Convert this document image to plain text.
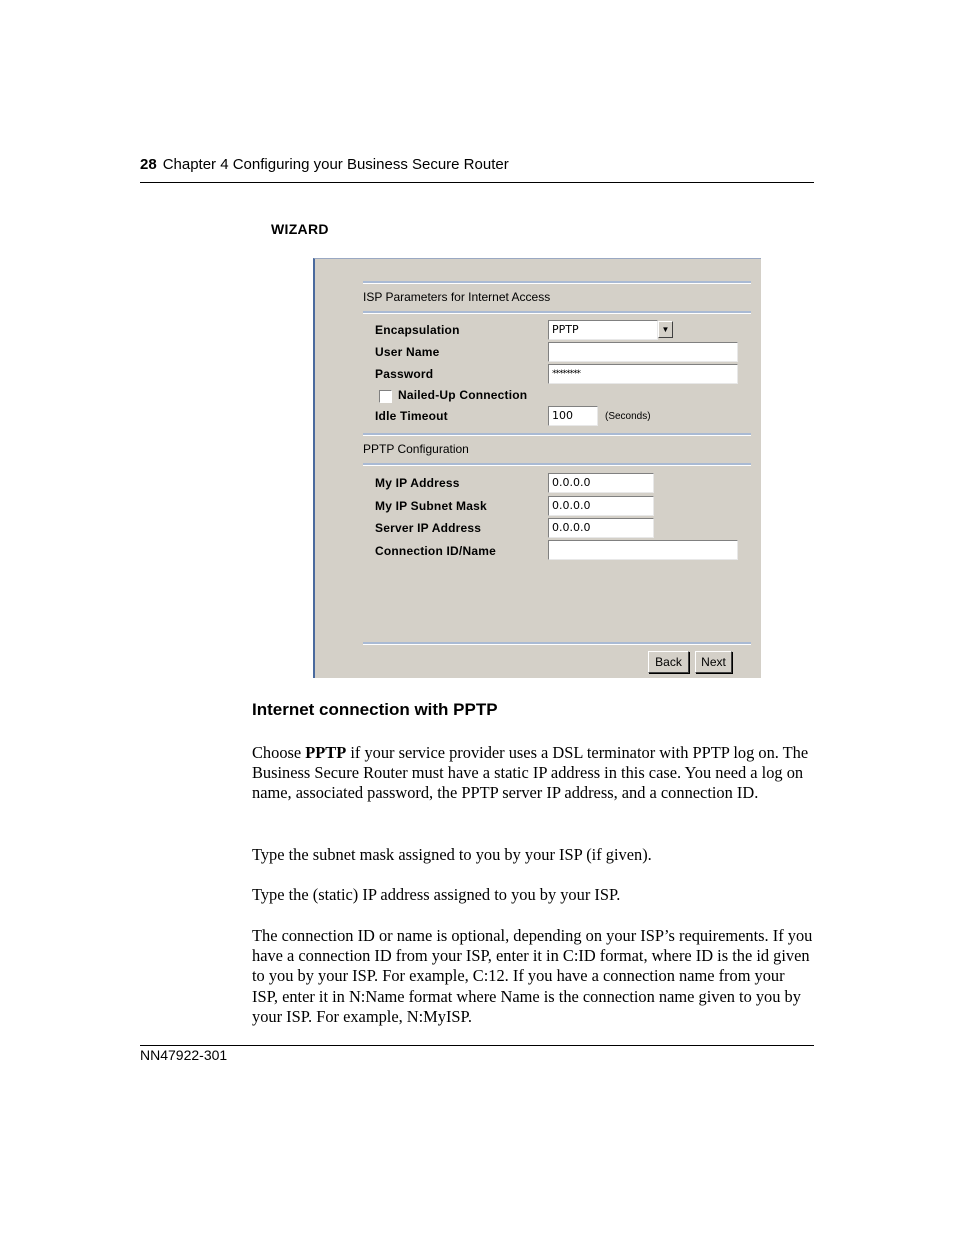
28 Chapter 4 Configuring your Business Secure Router
WIZARD
ISP Parameters for Internet Access
Encapsulation	PPTP	▼
User Name
Password	********
Nailed-Up Connection
Idle Timeout	100	(Seconds)
PPTP Configuration
My IP Address	0.0.0.0
My IP Subnet Mask	0.0.0.0
Server IP Address	0.0.0.0
Connection ID/Name
Back	Next
Internet connection with PPTP

Choose PPTP if your service provider uses a DSL terminator with PPTP log on. The Business Secure Router must have a static IP address in this case. You need a log on name, associated password, the PPTP server IP address, and a connection ID.

Type the subnet mask assigned to you by your ISP (if given).

Type the (static) IP address assigned to you by your ISP.

The connection ID or name is optional, depending on your ISP’s requirements. If you have a connection ID from your ISP, enter it in C:ID format, where ID is the id given to you by your ISP. For example, C:12. If you have a connection name from your ISP, enter it in N:Name format where Name is the connection name given to you by your ISP. For example, N:MyISP.

NN47922-301
